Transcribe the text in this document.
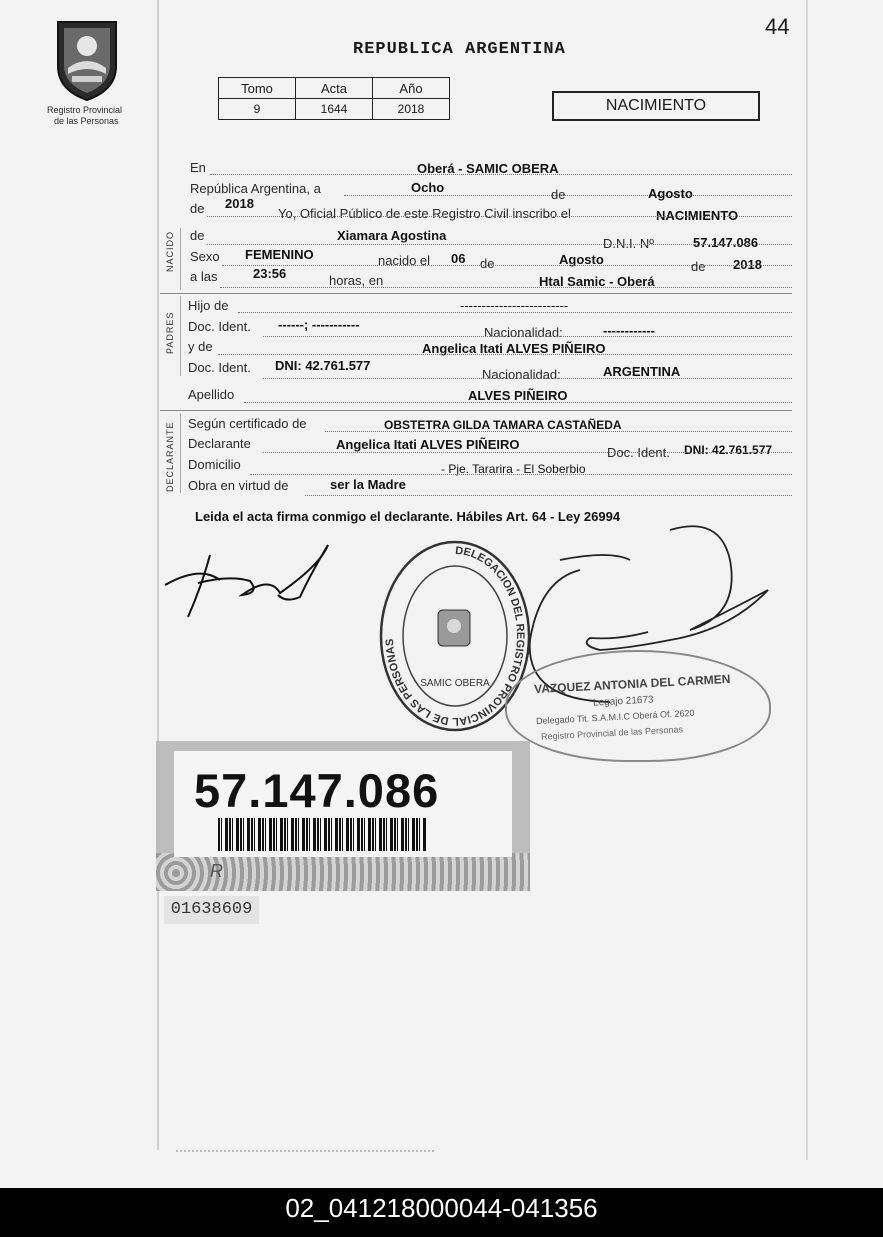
44
Registro Provincial
de las Personas
REPUBLICA ARGENTINA
Tomo	Acta	Año
9	1644	2018	NACIMIENTO
NACIDO
PADRES
DECLARANTE
En	Oberá - SAMIC OBERA
República Argentina, a	Ocho	de	Agosto
de 2018
Yo, Oficial Público de este Registro Civil inscribo el	NACIMIENTO
de	Xiamara Agostina
D.N.I. Nº	57.147.086
Sexo FEMENINO	nacido el 06 de	Agosto	de 2018
a las	23:56	horas, en	Htal Samic - Oberá
Hijo de	-------------------------
Doc. Ident. ------; -----------
Nacionalidad:	------------
y de	Angelica Itati ALVES PIÑEIRO
Doc. Ident. DNI: 42.761.577
Nacionalidad:	ARGENTINA
Apellido	ALVES PIÑEIRO
Según certificado de	OBSTETRA GILDA TAMARA CASTAÑEDA
Declarante	Angelica Itati ALVES PIÑEIRO
Doc. Ident. DNI: 42.761.577
Domicilio	- Pje. Tararira - El Soberbio
Obra en virtud de	ser la Madre
Leida el acta firma conmigo el declarante. Hábiles Art. 64 - Ley 26994
DELEGACION DEL REGISTRO PROVINCIAL DE LAS PERSONAS
SAMIC OBERA	VAZQUEZ ANTONIA DEL CARMEN
Legajo 21673
Delegado Tit. S.A.M.I.C Oberá Of. 2620
Registro Provincial de las Personas
57.147.086
R
01638609
02_041218000044-041356
